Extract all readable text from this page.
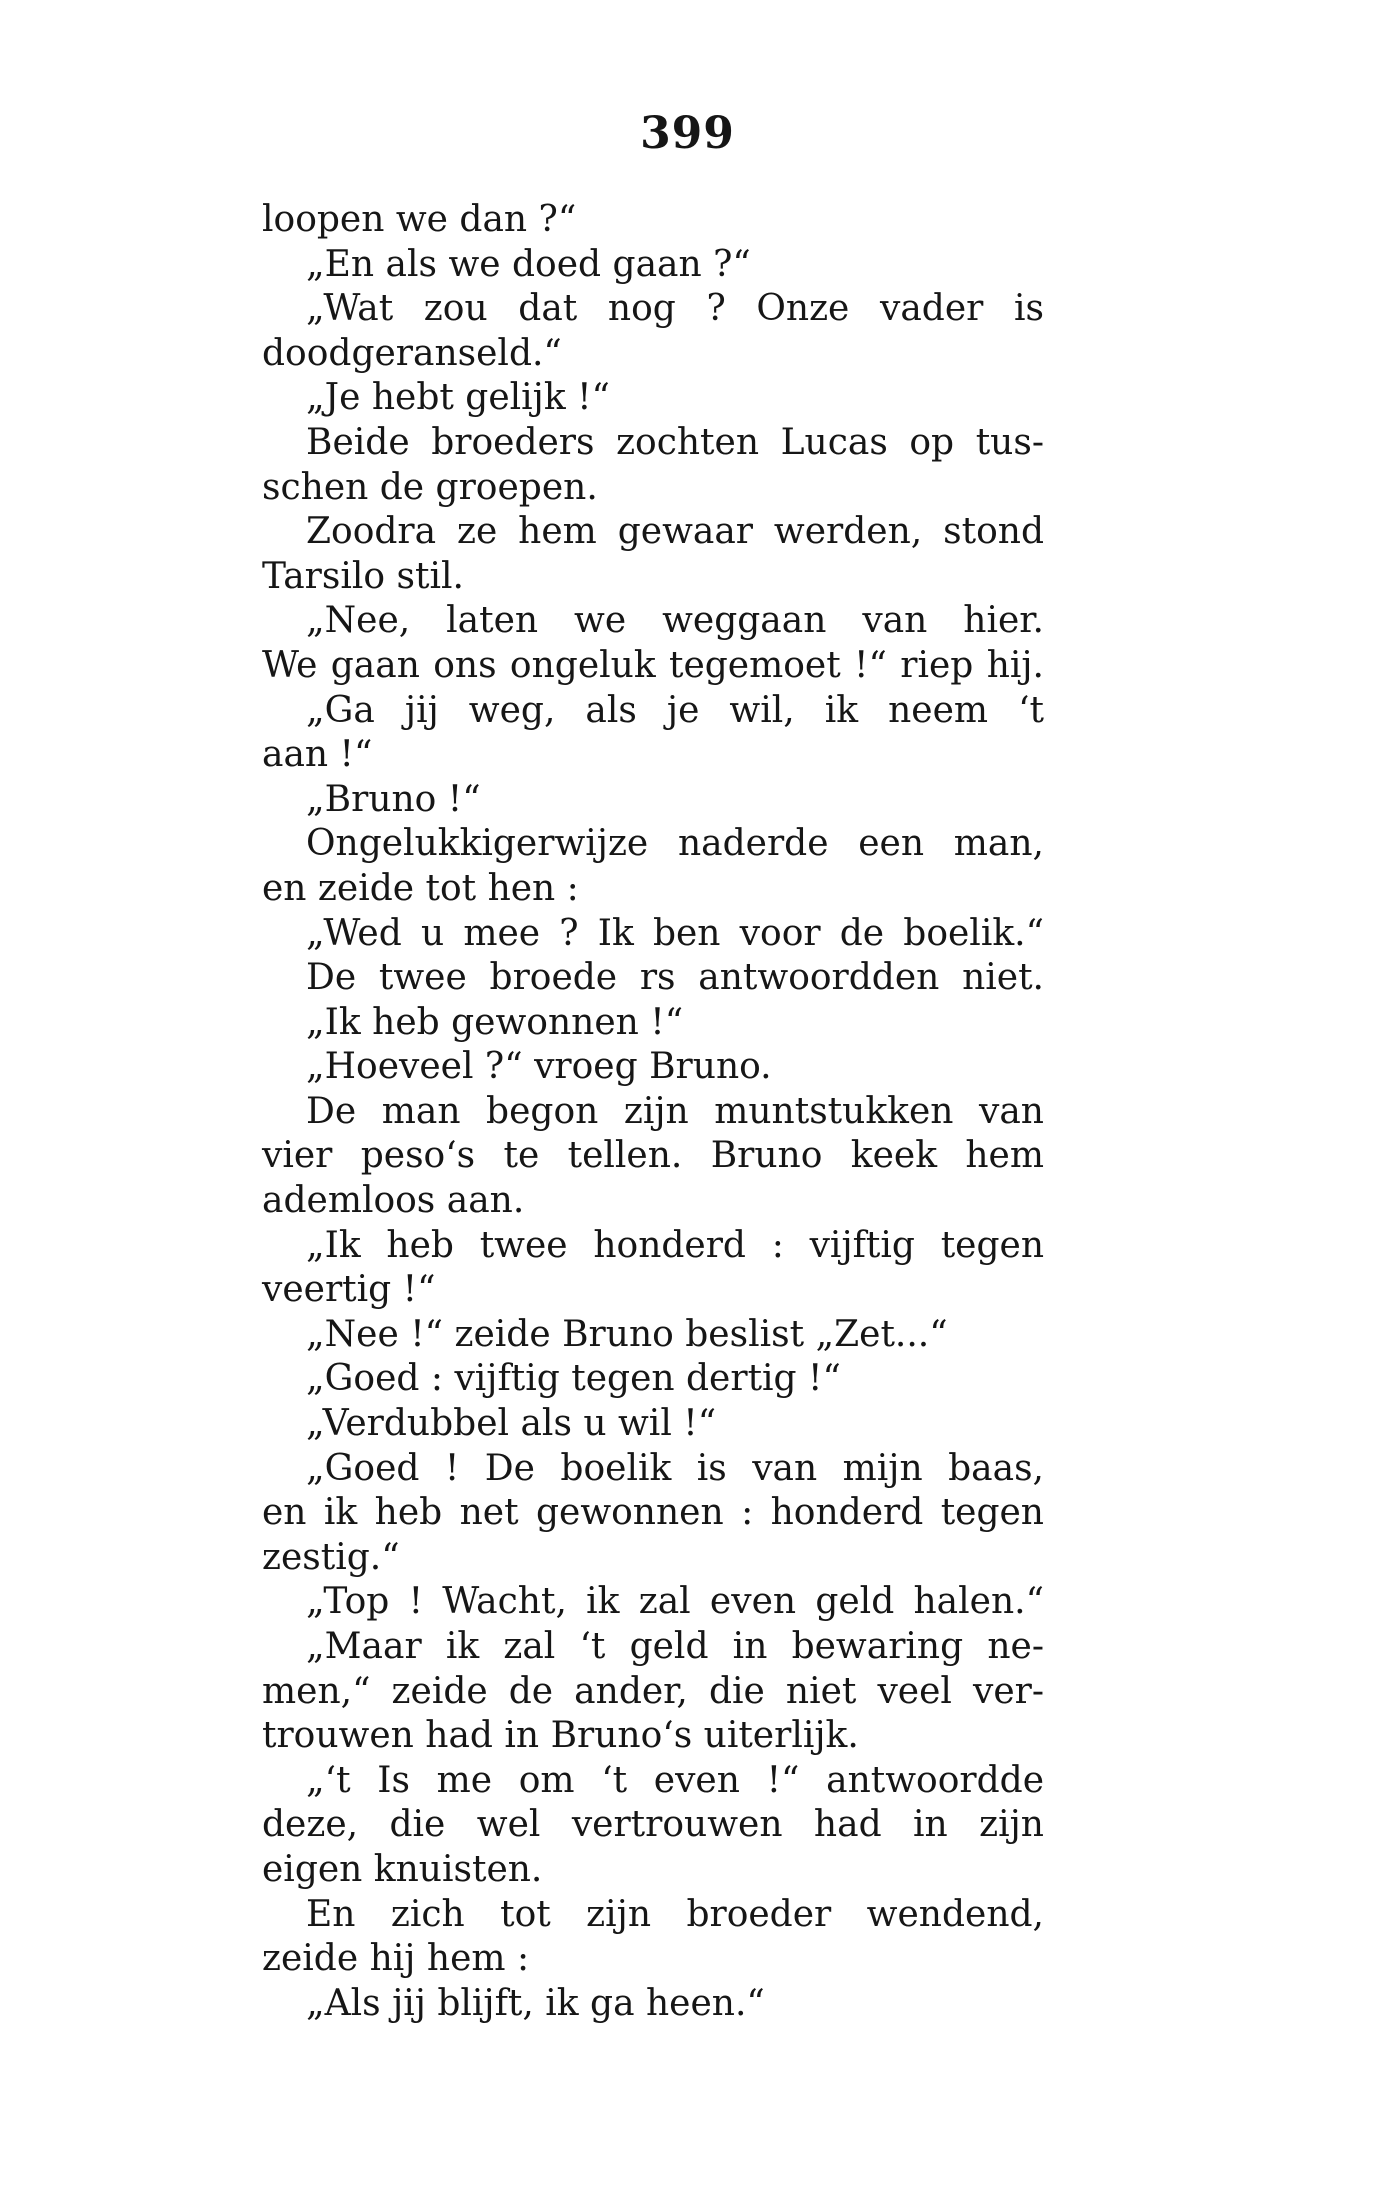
399
loopen we dan ?“
„En als we doed gaan ?“
„Wat zou dat nog ? Onze vader is
doodgeranseld.“
„Je hebt gelijk !“
Beide broeders zochten Lucas op tus-
schen de groepen.
Zoodra ze hem gewaar werden, stond
Tarsilo stil.
„Nee, laten we weggaan van hier.
We gaan ons ongeluk tegemoet !“ riep hij.
„Ga jij weg, als je wil, ik neem ‘t
aan !“
„Bruno !“
Ongelukkigerwijze naderde een man,
en zeide tot hen :
„Wed u mee ? Ik ben voor de boelik.“
De twee broede rs antwoordden niet.
„Ik heb gewonnen !“
„Hoeveel ?“ vroeg Bruno.
De man begon zijn muntstukken van
vier peso‘s te tellen. Bruno keek hem
ademloos aan.
„Ik heb twee honderd : vijftig tegen
veertig !“
„Nee !“ zeide Bruno beslist „Zet...“
„Goed : vijftig tegen dertig !“
„Verdubbel als u wil !“
„Goed ! De boelik is van mijn baas,
en ik heb net gewonnen : honderd tegen
zestig.“
„Top ! Wacht, ik zal even geld halen.“
„Maar ik zal ‘t geld in bewaring ne-
men,“ zeide de ander, die niet veel ver-
trouwen had in Bruno‘s uiterlijk.
„‘t Is me om ‘t even !“ antwoordde
deze, die wel vertrouwen had in zijn
eigen knuisten.
En zich tot zijn broeder wendend,
zeide hij hem :
„Als jij blijft, ik ga heen.“
